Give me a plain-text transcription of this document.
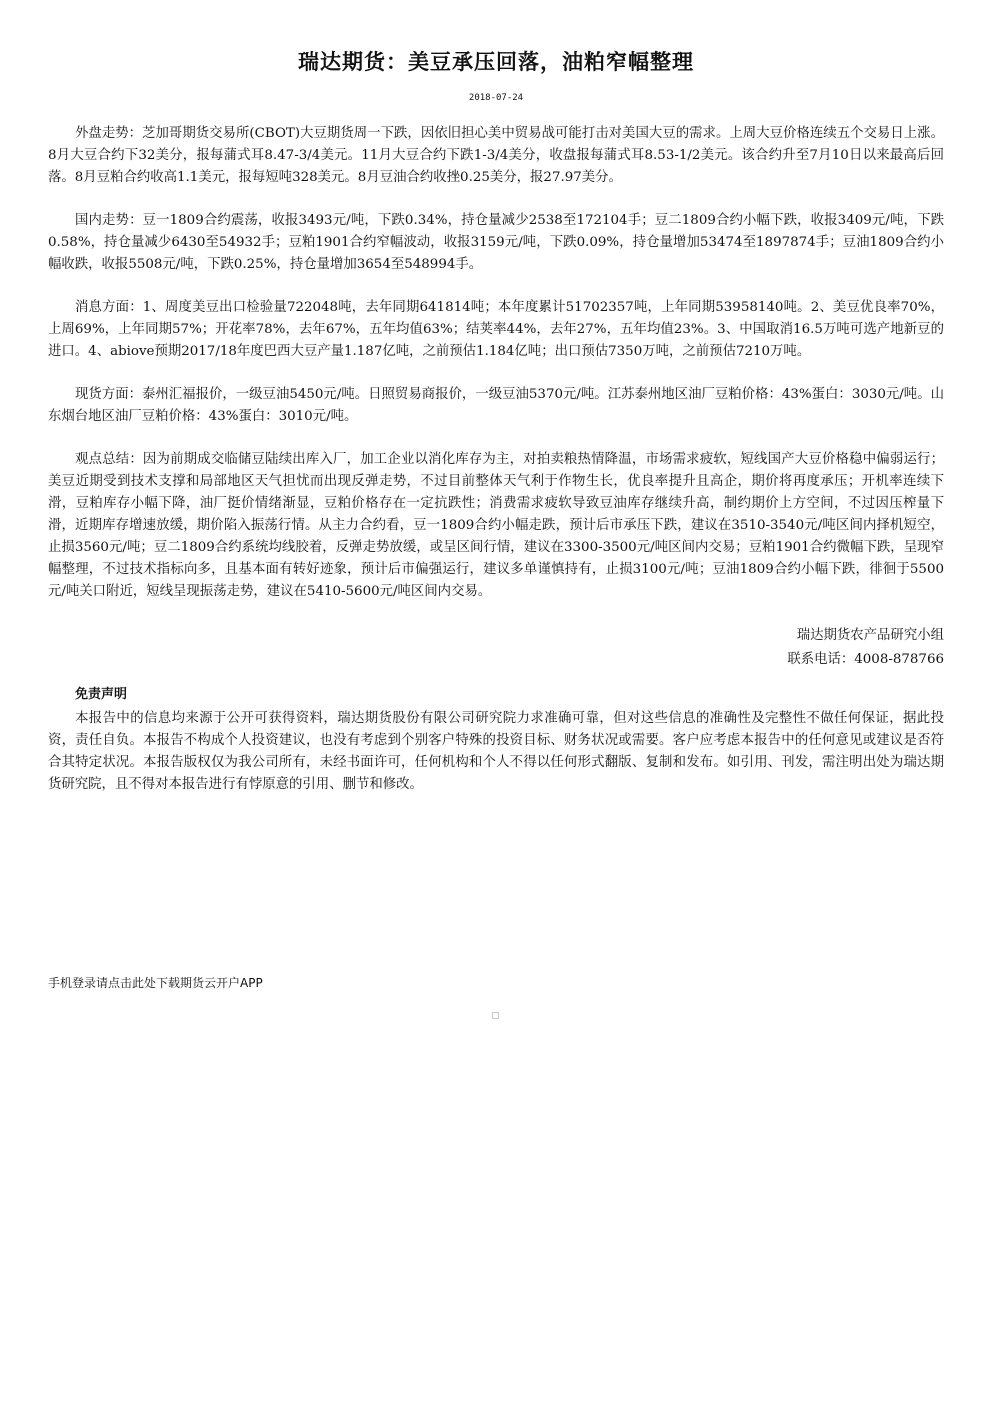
瑞达期货：美豆承压回落，油粕窄幅整理
2018-07-24

外盘走势：芝加哥期货交易所(CBOT)大豆期货周一下跌，因依旧担心美中贸易战可能打击对美国大豆的需求。上周大豆价格连续五个交易日上涨。8月大豆合约下32美分，报每蒲式耳8.47-3/4美元。11月大豆合约下跌1-3/4美分，收盘报每蒲式耳8.53-1/2美元。该合约升至7月10日以来最高后回落。8月豆粕合约收高1.1美元，报每短吨328美元。8月豆油合约收挫0.25美分，报27.97美分。

国内走势：豆一1809合约震荡，收报3493元/吨，下跌0.34%，持仓量减少2538至172104手；豆二1809合约小幅下跌，收报3409元/吨，下跌0.58%，持仓量减少6430至54932手；豆粕1901合约窄幅波动，收报3159元/吨，下跌0.09%，持仓量增加53474至1897874手；豆油1809合约小幅收跌，收报5508元/吨，下跌0.25%，持仓量增加3654至548994手。

消息方面：1、周度美豆出口检验量722048吨，去年同期641814吨；本年度累计51702357吨，上年同期53958140吨。2、美豆优良率70%，上周69%，上年同期57%；开花率78%，去年67%，五年均值63%；结荚率44%，去年27%，五年均值23%。3、中国取消16.5万吨可选产地新豆的进口。4、abiove预期2017/18年度巴西大豆产量1.187亿吨，之前预估1.184亿吨；出口预估7350万吨，之前预估7210万吨。

现货方面：泰州汇福报价，一级豆油5450元/吨。日照贸易商报价，一级豆油5370元/吨。江苏泰州地区油厂豆粕价格：43%蛋白：3030元/吨。山东烟台地区油厂豆粕价格：43%蛋白：3010元/吨。

观点总结：因为前期成交临储豆陆续出库入厂，加工企业以消化库存为主，对拍卖粮热情降温，市场需求疲软，短线国产大豆价格稳中偏弱运行；美豆近期受到技术支撑和局部地区天气担忧而出现反弹走势，不过目前整体天气利于作物生长，优良率提升且高企，期价将再度承压；开机率连续下滑，豆粕库存小幅下降，油厂挺价情绪渐显，豆粕价格存在一定抗跌性；消费需求疲软导致豆油库存继续升高，制约期价上方空间，不过因压榨量下滑，近期库存增速放缓，期价陷入振荡行情。从主力合约看，豆一1809合约小幅走跌，预计后市承压下跌，建议在3510-3540元/吨区间内择机短空，止损3560元/吨；豆二1809合约系统均线胶着，反弹走势放缓，或呈区间行情，建议在3300-3500元/吨区间内交易；豆粕1901合约微幅下跌，呈现窄幅整理，不过技术指标向多，且基本面有转好迹象，预计后市偏强运行，建议多单谨慎持有，止损3100元/吨；豆油1809合约小幅下跌，徘徊于5500元/吨关口附近，短线呈现振荡走势，建议在5410-5600元/吨区间内交易。

瑞达期货农产品研究小组

联系电话：4008-878766

免责声明

本报告中的信息均来源于公开可获得资料，瑞达期货股份有限公司研究院力求准确可靠，但对这些信息的准确性及完整性不做任何保证，据此投资，责任自负。本报告不构成个人投资建议，也没有考虑到个别客户特殊的投资目标、财务状况或需要。客户应考虑本报告中的任何意见或建议是否符合其特定状况。本报告版权仅为我公司所有，未经书面许可，任何机构和个人不得以任何形式翻版、复制和发布。如引用、刊发，需注明出处为瑞达期货研究院，且不得对本报告进行有悖原意的引用、删节和修改。

手机登录请点击此处下载期货云开户APP
